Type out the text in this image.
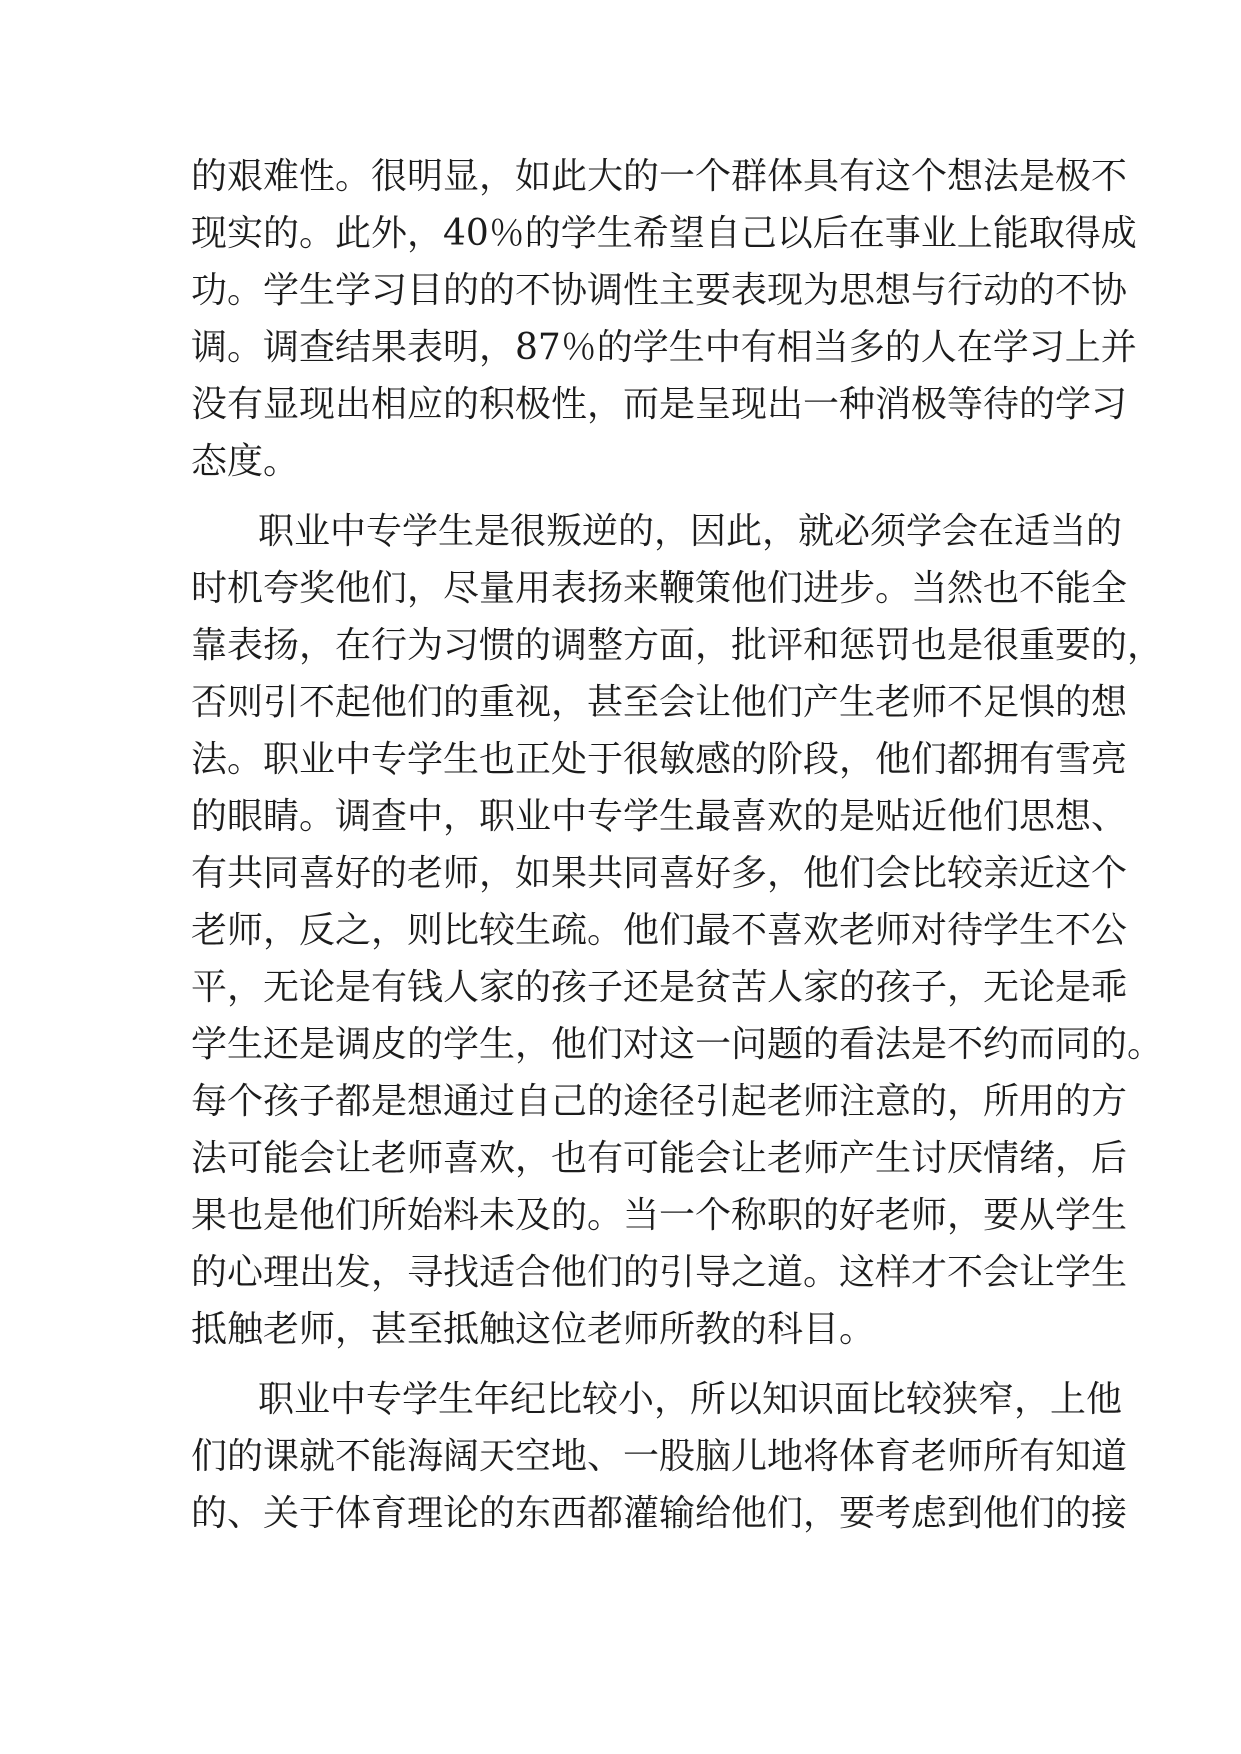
的艰难性。很明显，如此大的一个群体具有这个想法是极不
现实的。此外，40％的学生希望自己以后在事业上能取得成
功。学生学习目的的不协调性主要表现为思想与行动的不协
调。调查结果表明，87％的学生中有相当多的人在学习上并
没有显现出相应的积极性，而是呈现出一种消极等待的学习
态度。
职业中专学生是很叛逆的，因此，就必须学会在适当的
时机夸奖他们，尽量用表扬来鞭策他们进步。当然也不能全
靠表扬，在行为习惯的调整方面，批评和惩罚也是很重要的，
否则引不起他们的重视，甚至会让他们产生老师不足惧的想
法。职业中专学生也正处于很敏感的阶段，他们都拥有雪亮
的眼睛。调查中，职业中专学生最喜欢的是贴近他们思想、
有共同喜好的老师，如果共同喜好多，他们会比较亲近这个
老师，反之，则比较生疏。他们最不喜欢老师对待学生不公
平，无论是有钱人家的孩子还是贫苦人家的孩子，无论是乖
学生还是调皮的学生，他们对这一问题的看法是不约而同的。
每个孩子都是想通过自己的途径引起老师注意的，所用的方
法可能会让老师喜欢，也有可能会让老师产生讨厌情绪，后
果也是他们所始料未及的。当一个称职的好老师，要从学生
的心理出发，寻找适合他们的引导之道。这样才不会让学生
抵触老师，甚至抵触这位老师所教的科目。
职业中专学生年纪比较小，所以知识面比较狭窄，上他
们的课就不能海阔天空地、一股脑儿地将体育老师所有知道
的、关于体育理论的东西都灌输给他们，要考虑到他们的接
